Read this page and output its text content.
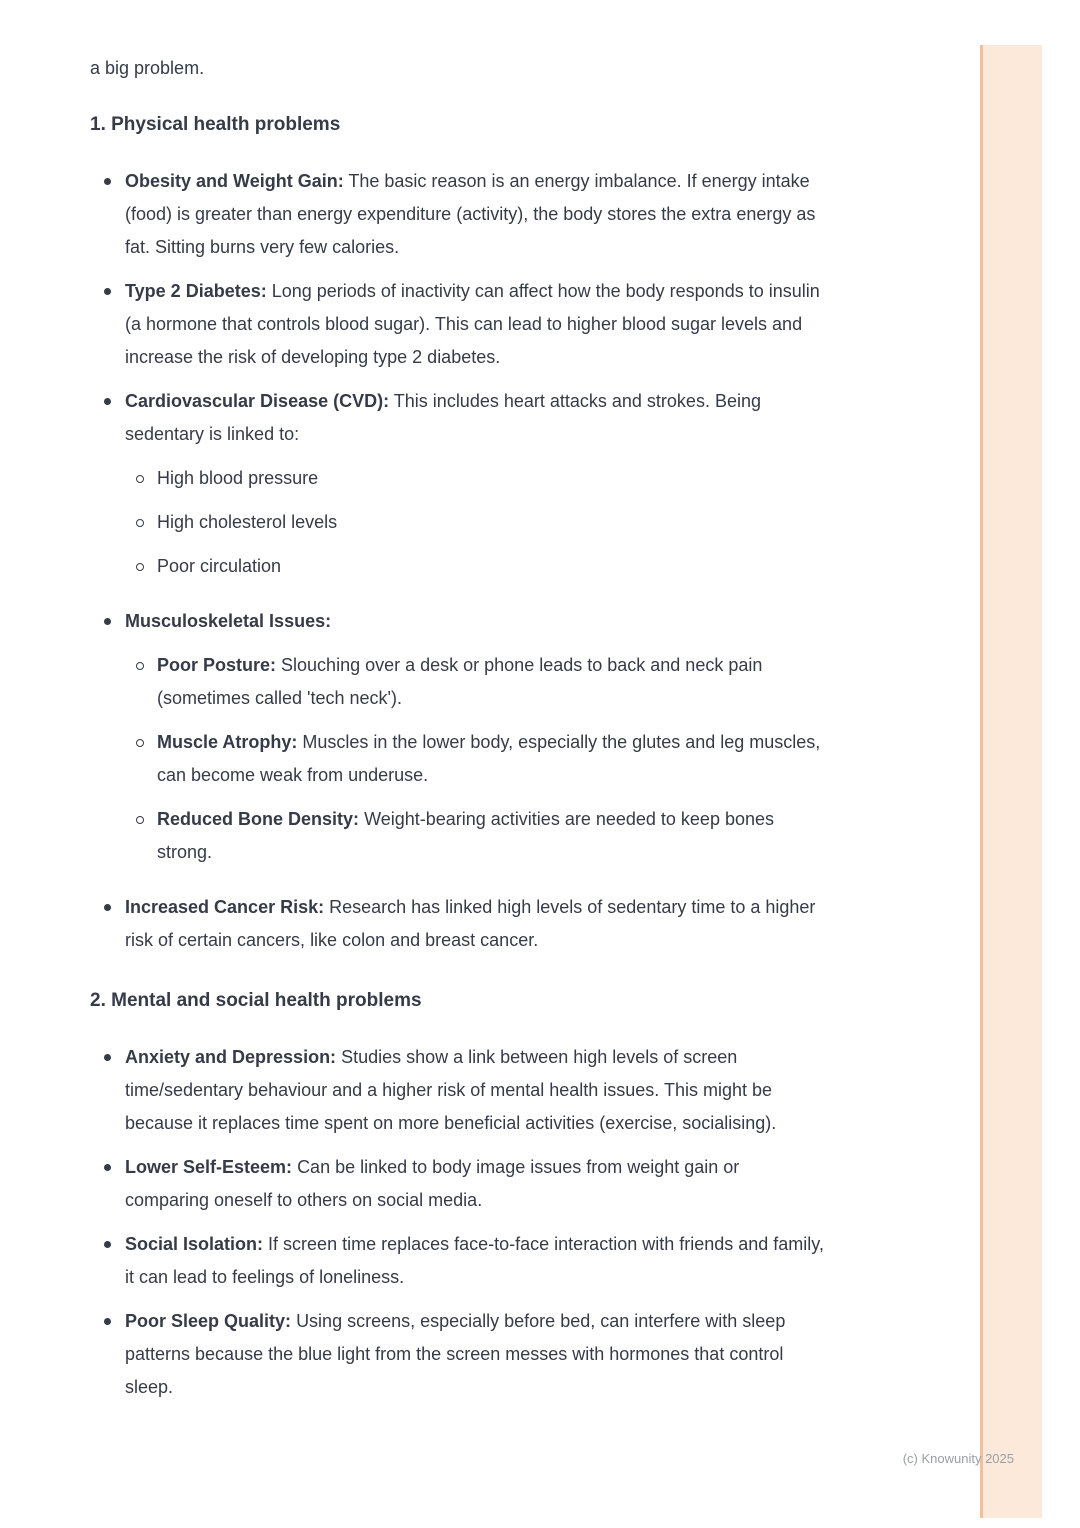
a big problem.

1. Physical health problems
Obesity and Weight Gain: The basic reason is an energy imbalance. If energy intake (food) is greater than energy expenditure (activity), the body stores the extra energy as fat. Sitting burns very few calories.
Type 2 Diabetes: Long periods of inactivity can affect how the body responds to insulin (a hormone that controls blood sugar). This can lead to higher blood sugar levels and increase the risk of developing type 2 diabetes.
Cardiovascular Disease (CVD): This includes heart attacks and strokes. Being sedentary is linked to:
High blood pressure
High cholesterol levels
Poor circulation
Musculoskeletal Issues:
Poor Posture: Slouching over a desk or phone leads to back and neck pain (sometimes called 'tech neck').
Muscle Atrophy: Muscles in the lower body, especially the glutes and leg muscles, can become weak from underuse.
Reduced Bone Density: Weight-bearing activities are needed to keep bones strong.
Increased Cancer Risk: Research has linked high levels of sedentary time to a higher risk of certain cancers, like colon and breast cancer.
2. Mental and social health problems
Anxiety and Depression: Studies show a link between high levels of screen time/sedentary behaviour and a higher risk of mental health issues. This might be because it replaces time spent on more beneficial activities (exercise, socialising).
Lower Self-Esteem: Can be linked to body image issues from weight gain or comparing oneself to others on social media.
Social Isolation: If screen time replaces face-to-face interaction with friends and family, it can lead to feelings of loneliness.
Poor Sleep Quality: Using screens, especially before bed, can interfere with sleep patterns because the blue light from the screen messes with hormones that control sleep.
(c) Knowunity 2025
